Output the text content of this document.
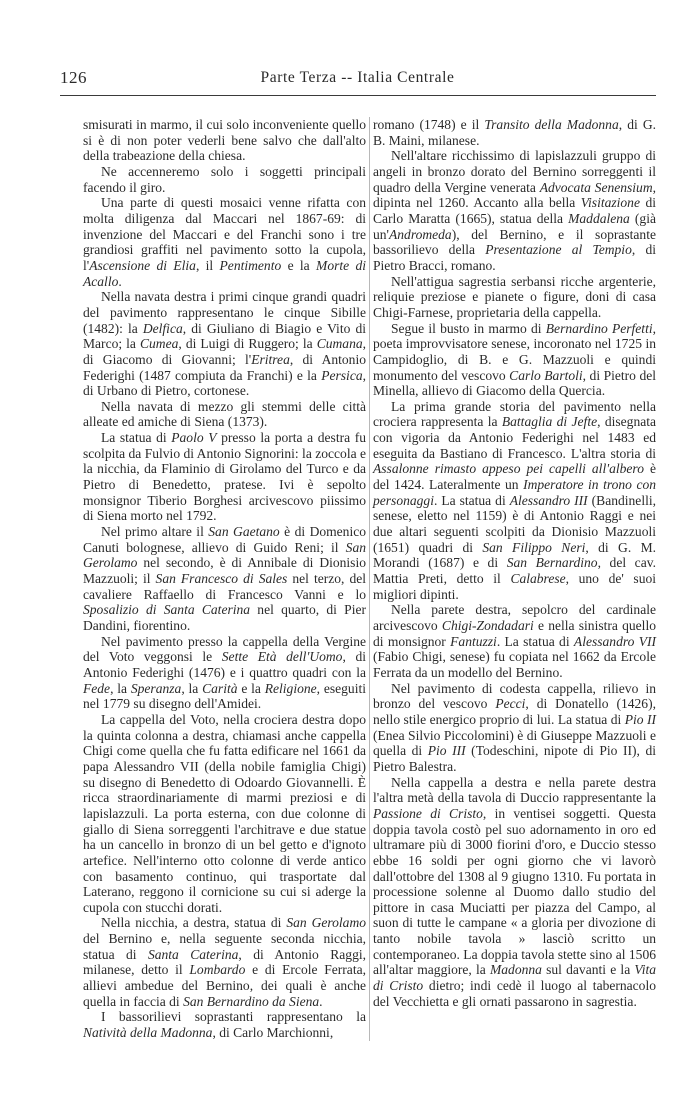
126	Parte Terza -- Italia Centrale

smisurati in marmo, il cui solo inconveniente quello si è di non poter vederli bene salvo che dall'alto della trabeazione della chiesa.

Ne accenneremo solo i soggetti principali facendo il giro.

Una parte di questi mosaici venne rifatta con molta diligenza dal Maccari nel 1867-69: di invenzione del Maccari e del Franchi sono i tre grandiosi graffiti nel pavimento sotto la cupola, l'Ascensione di Elia, il Pentimento e la Morte di Acallo.

Nella navata destra i primi cinque grandi quadri del pavimento rappresentano le cinque Sibille (1482): la Delfica, di Giuliano di Biagio e Vito di Marco; la Cumea, di Luigi di Ruggero; la Cumana, di Giacomo di Giovanni; l'Eritrea, di Antonio Federighi (1487 compiuta da Franchi) e la Persica, di Urbano di Pietro, cortonese.

Nella navata di mezzo gli stemmi delle città alleate ed amiche di Siena (1373).

La statua di Paolo V presso la porta a destra fu scolpita da Fulvio di Antonio Signorini: la zoccola e la nicchia, da Flaminio di Girolamo del Turco e da Pietro di Benedetto, pratese. Ivi è sepolto monsignor Tiberio Borghesi arcivescovo piissimo di Siena morto nel 1792.

Nel primo altare il San Gaetano è di Domenico Canuti bolognese, allievo di Guido Reni; il San Gerolamo nel secondo, è di Annibale di Dionisio Mazzuoli; il San Francesco di Sales nel terzo, del cavaliere Raffaello di Francesco Vanni e lo Sposalizio di Santa Caterina nel quarto, di Pier Dandini, fiorentino.

Nel pavimento presso la cappella della Vergine del Voto veggonsi le Sette Età dell'Uomo, di Antonio Federighi (1476) e i quattro quadri con la Fede, la Speranza, la Carità e la Religione, eseguiti nel 1779 su disegno dell'Amidei.

La cappella del Voto, nella crociera destra dopo la quinta colonna a destra, chiamasi anche cappella Chigi come quella che fu fatta edificare nel 1661 da papa Alessandro VII (della nobile famiglia Chigi) su disegno di Benedetto di Odoardo Giovannelli. È ricca straordinariamente di marmi preziosi e di lapislazzuli. La porta esterna, con due colonne di giallo di Siena sorreggenti l'architrave e due statue ha un cancello in bronzo di un bel getto e d'ignoto artefice. Nell'interno otto colonne di verde antico con basamento continuo, qui trasportate dal Laterano, reggono il cornicione su cui si aderge la cupola con stucchi dorati.

Nella nicchia, a destra, statua di San Gerolamo del Bernino e, nella seguente seconda nicchia, statua di Santa Caterina, di Antonio Raggi, milanese, detto il Lombardo e di Ercole Ferrata, allievi ambedue del Bernino, dei quali è anche quella in faccia di San Bernardino da Siena.

I bassorilievi soprastanti rappresentano la Natività della Madonna, di Carlo Marchionni,

romano (1748) e il Transito della Madonna, di G. B. Maini, milanese.

Nell'altare ricchissimo di lapislazzuli gruppo di angeli in bronzo dorato del Bernino sorreggenti il quadro della Vergine venerata Advocata Senensium, dipinta nel 1260. Accanto alla bella Visitazione di Carlo Maratta (1665), statua della Maddalena (già un'Andromeda), del Bernino, e il soprastante bassorilievo della Presentazione al Tempio, di Pietro Bracci, romano.

Nell'attigua sagrestia serbansi ricche argenterie, reliquie preziose e pianete o figure, doni di casa Chigi-Farnese, proprietaria della cappella.

Segue il busto in marmo di Bernardino Perfetti, poeta improvvisatore senese, incoronato nel 1725 in Campidoglio, di B. e G. Mazzuoli e quindi monumento del vescovo Carlo Bartoli, di Pietro del Minella, allievo di Giacomo della Quercia.

La prima grande storia del pavimento nella crociera rappresenta la Battaglia di Jefte, disegnata con vigoria da Antonio Federighi nel 1483 ed eseguita da Bastiano di Francesco. L'altra storia di Assalonne rimasto appeso pei capelli all'albero è del 1424. Lateralmente un Imperatore in trono con personaggi. La statua di Alessandro III (Bandinelli, senese, eletto nel 1159) è di Antonio Raggi e nei due altari seguenti scolpiti da Dionisio Mazzuoli (1651) quadri di San Filippo Neri, di G. M. Morandi (1687) e di San Bernardino, del cav. Mattia Preti, detto il Calabrese, uno de' suoi migliori dipinti.

Nella parete destra, sepolcro del cardinale arcivescovo Chigi-Zondadari e nella sinistra quello di monsignor Fantuzzi. La statua di Alessandro VII (Fabio Chigi, senese) fu copiata nel 1662 da Ercole Ferrata da un modello del Bernino.

Nel pavimento di codesta cappella, rilievo in bronzo del vescovo Pecci, di Donatello (1426), nello stile energico proprio di lui. La statua di Pio II (Enea Silvio Piccolomini) è di Giuseppe Mazzuoli e quella di Pio III (Todeschini, nipote di Pio II), di Pietro Balestra.

Nella cappella a destra e nella parete destra l'altra metà della tavola di Duccio rappresentante la Passione di Cristo, in ventisei soggetti. Questa doppia tavola costò pel suo adornamento in oro ed ultramare più di 3000 fiorini d'oro, e Duccio stesso ebbe 16 soldi per ogni giorno che vi lavorò dall'ottobre del 1308 al 9 giugno 1310. Fu portata in processione solenne al Duomo dallo studio del pittore in casa Muciatti per piazza del Campo, al suon di tutte le campane « a gloria per divozione di tanto nobile tavola » lasciò scritto un contemporaneo. La doppia tavola stette sino al 1506 all'altar maggiore, la Madonna sul davanti e la Vita di Cristo dietro; indi cedè il luogo al tabernacolo del Vecchietta e gli ornati passarono in sagrestia.
